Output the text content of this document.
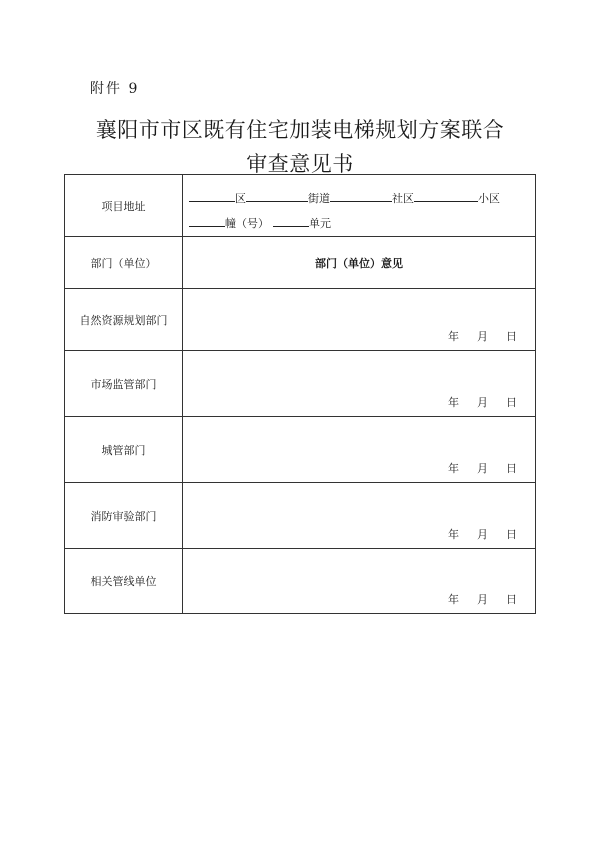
附件 9
襄阳市市区既有住宅加装电梯规划方案联合
审查意见书
项目地址	区 街道 社区 小区
幢（号） 单元

部门（单位）	部门（单位）意见
自然资源规划部门	年 月 日

市场监管部门	年 月 日

城管部门	年 月 日

消防审验部门	年 月 日

相关管线单位	年 月 日
